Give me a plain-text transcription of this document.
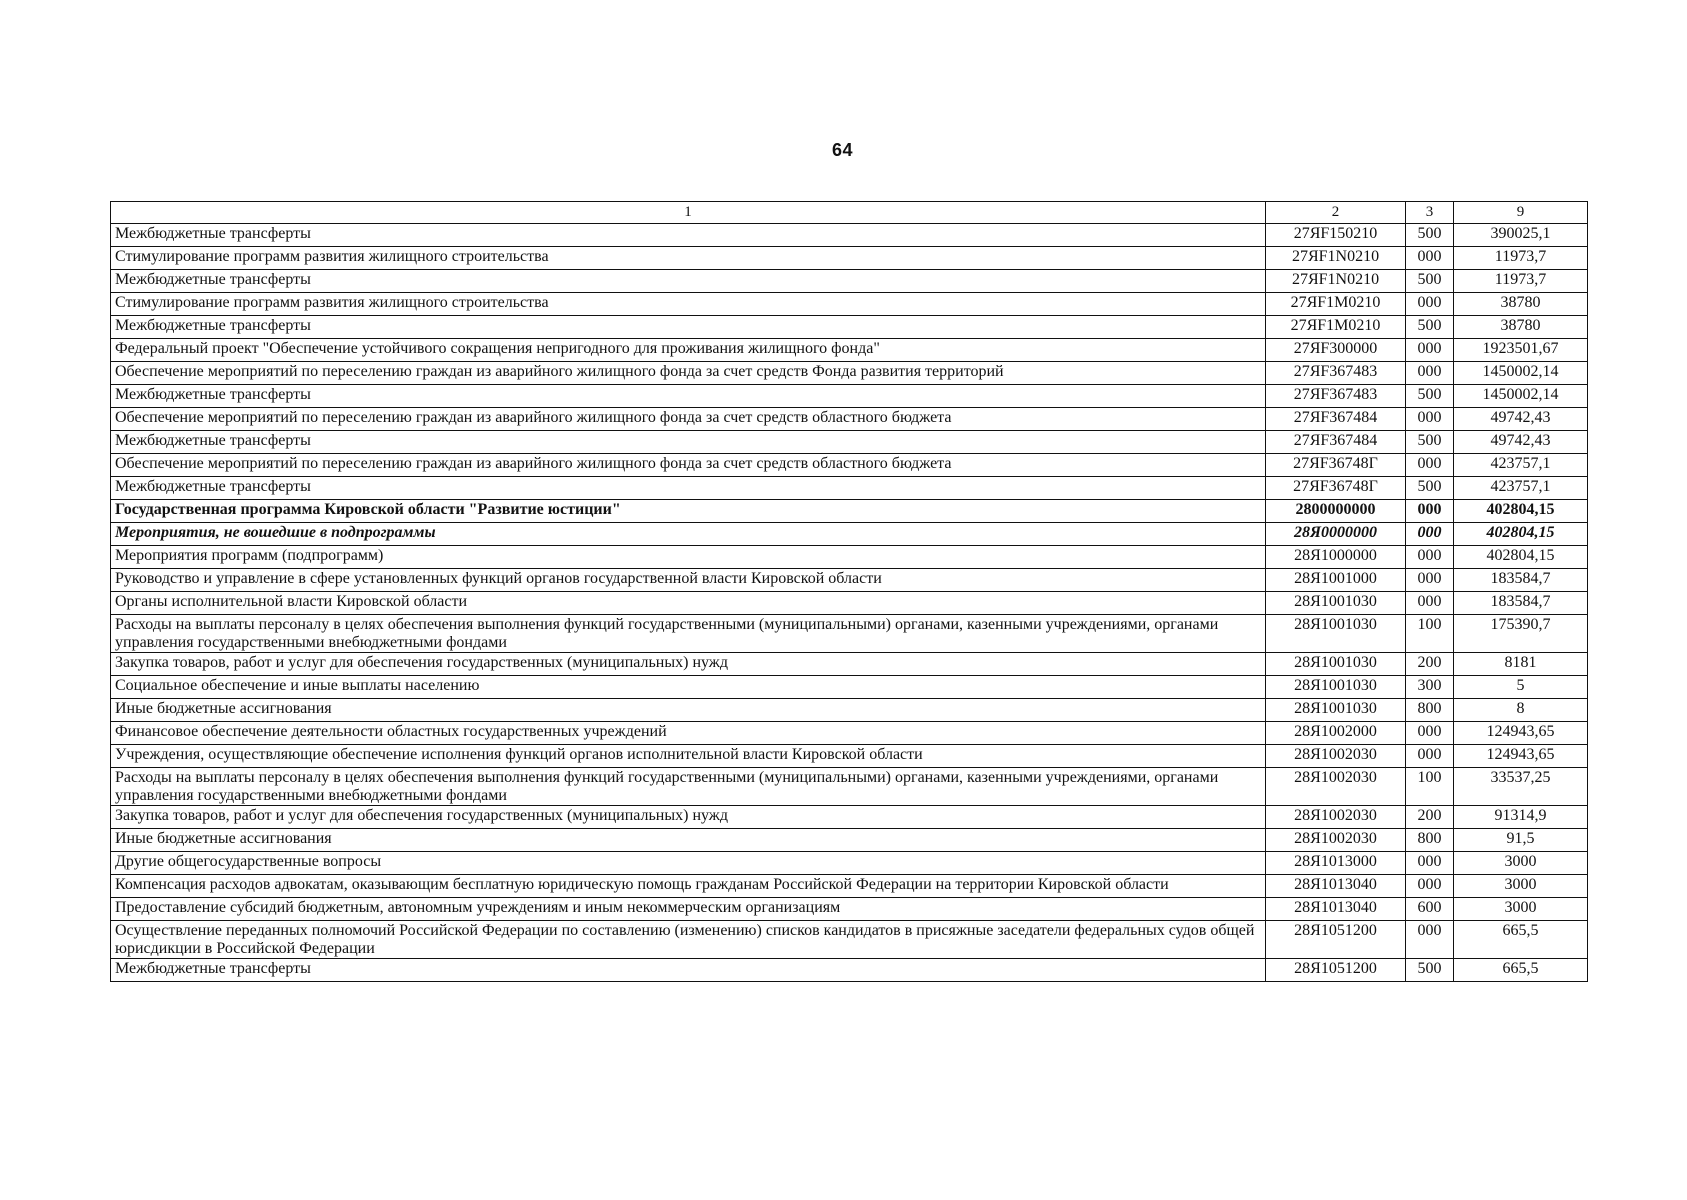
64
1	2	3	9
Межбюджетные трансферты	27ЯF150210	500	390025,1
Стимулирование программ развития жилищного строительства	27ЯF1N0210	000	11973,7
Межбюджетные трансферты	27ЯF1N0210	500	11973,7
Стимулирование программ развития жилищного строительства	27ЯF1M0210	000	38780
Межбюджетные трансферты	27ЯF1M0210	500	38780
Федеральный проект "Обеспечение устойчивого сокращения непригодного для проживания жилищного фонда"	27ЯF300000	000	1923501,67
Обеспечение мероприятий по переселению граждан из аварийного жилищного фонда за счет средств Фонда развития территорий	27ЯF367483	000	1450002,14
Межбюджетные трансферты	27ЯF367483	500	1450002,14
Обеспечение мероприятий по переселению граждан из аварийного жилищного фонда за счет средств областного бюджета	27ЯF367484	000	49742,43
Межбюджетные трансферты	27ЯF367484	500	49742,43
Обеспечение мероприятий по переселению граждан из аварийного жилищного фонда за счет средств областного бюджета	27ЯF36748Г	000	423757,1
Межбюджетные трансферты	27ЯF36748Г	500	423757,1
Государственная программа Кировской области "Развитие юстиции"	2800000000	000	402804,15
Мероприятия, не вошедшие в подпрограммы	28Я0000000	000	402804,15
Мероприятия программ (подпрограмм)	28Я1000000	000	402804,15
Руководство и управление в сфере установленных функций органов государственной власти Кировской области	28Я1001000	000	183584,7
Органы исполнительной власти Кировской области	28Я1001030	000	183584,7
Расходы на выплаты персоналу в целях обеспечения выполнения функций государственными (муниципальными) органами, казенными учреждениями, органами управления государственными внебюджетными фондами	28Я1001030	100	175390,7
Закупка товаров, работ и услуг для обеспечения государственных (муниципальных) нужд	28Я1001030	200	8181
Социальное обеспечение и иные выплаты населению	28Я1001030	300	5
Иные бюджетные ассигнования	28Я1001030	800	8
Финансовое обеспечение деятельности областных государственных учреждений	28Я1002000	000	124943,65
Учреждения, осуществляющие обеспечение исполнения функций органов исполнительной власти Кировской области	28Я1002030	000	124943,65
Расходы на выплаты персоналу в целях обеспечения выполнения функций государственными (муниципальными) органами, казенными учреждениями, органами управления государственными внебюджетными фондами	28Я1002030	100	33537,25
Закупка товаров, работ и услуг для обеспечения государственных (муниципальных) нужд	28Я1002030	200	91314,9
Иные бюджетные ассигнования	28Я1002030	800	91,5
Другие общегосударственные вопросы	28Я1013000	000	3000
Компенсация расходов адвокатам, оказывающим бесплатную юридическую помощь гражданам Российской Федерации на территории Кировской области	28Я1013040	000	3000
Предоставление субсидий бюджетным, автономным учреждениям и иным некоммерческим организациям	28Я1013040	600	3000
Осуществление переданных полномочий Российской Федерации по составлению (изменению) списков кандидатов в присяжные заседатели федеральных судов общей юрисдикции в Российской Федерации	28Я1051200	000	665,5
Межбюджетные трансферты	28Я1051200	500	665,5
